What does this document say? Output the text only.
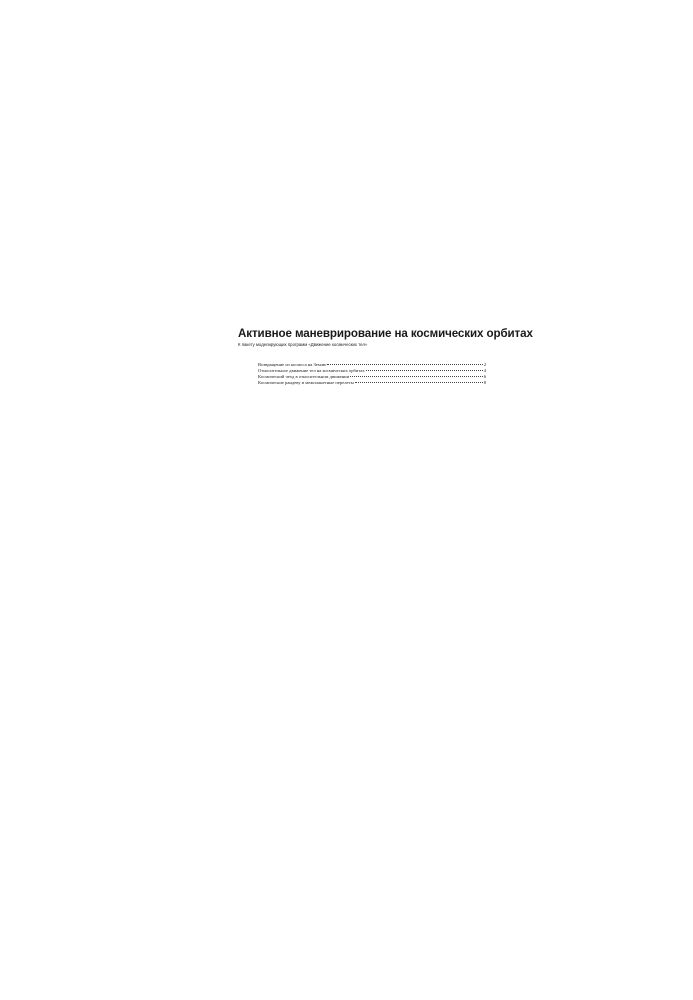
Активное маневрирование на космических орбитах
К пакету моделирующих программ «Движение космических тел»
Возвращение из космоса на Землю	2
Относительное движение тел на космических орбитах	4
Космический чехд в относительном движении	6
Космические рандеву и межпланетные перелеты	8
